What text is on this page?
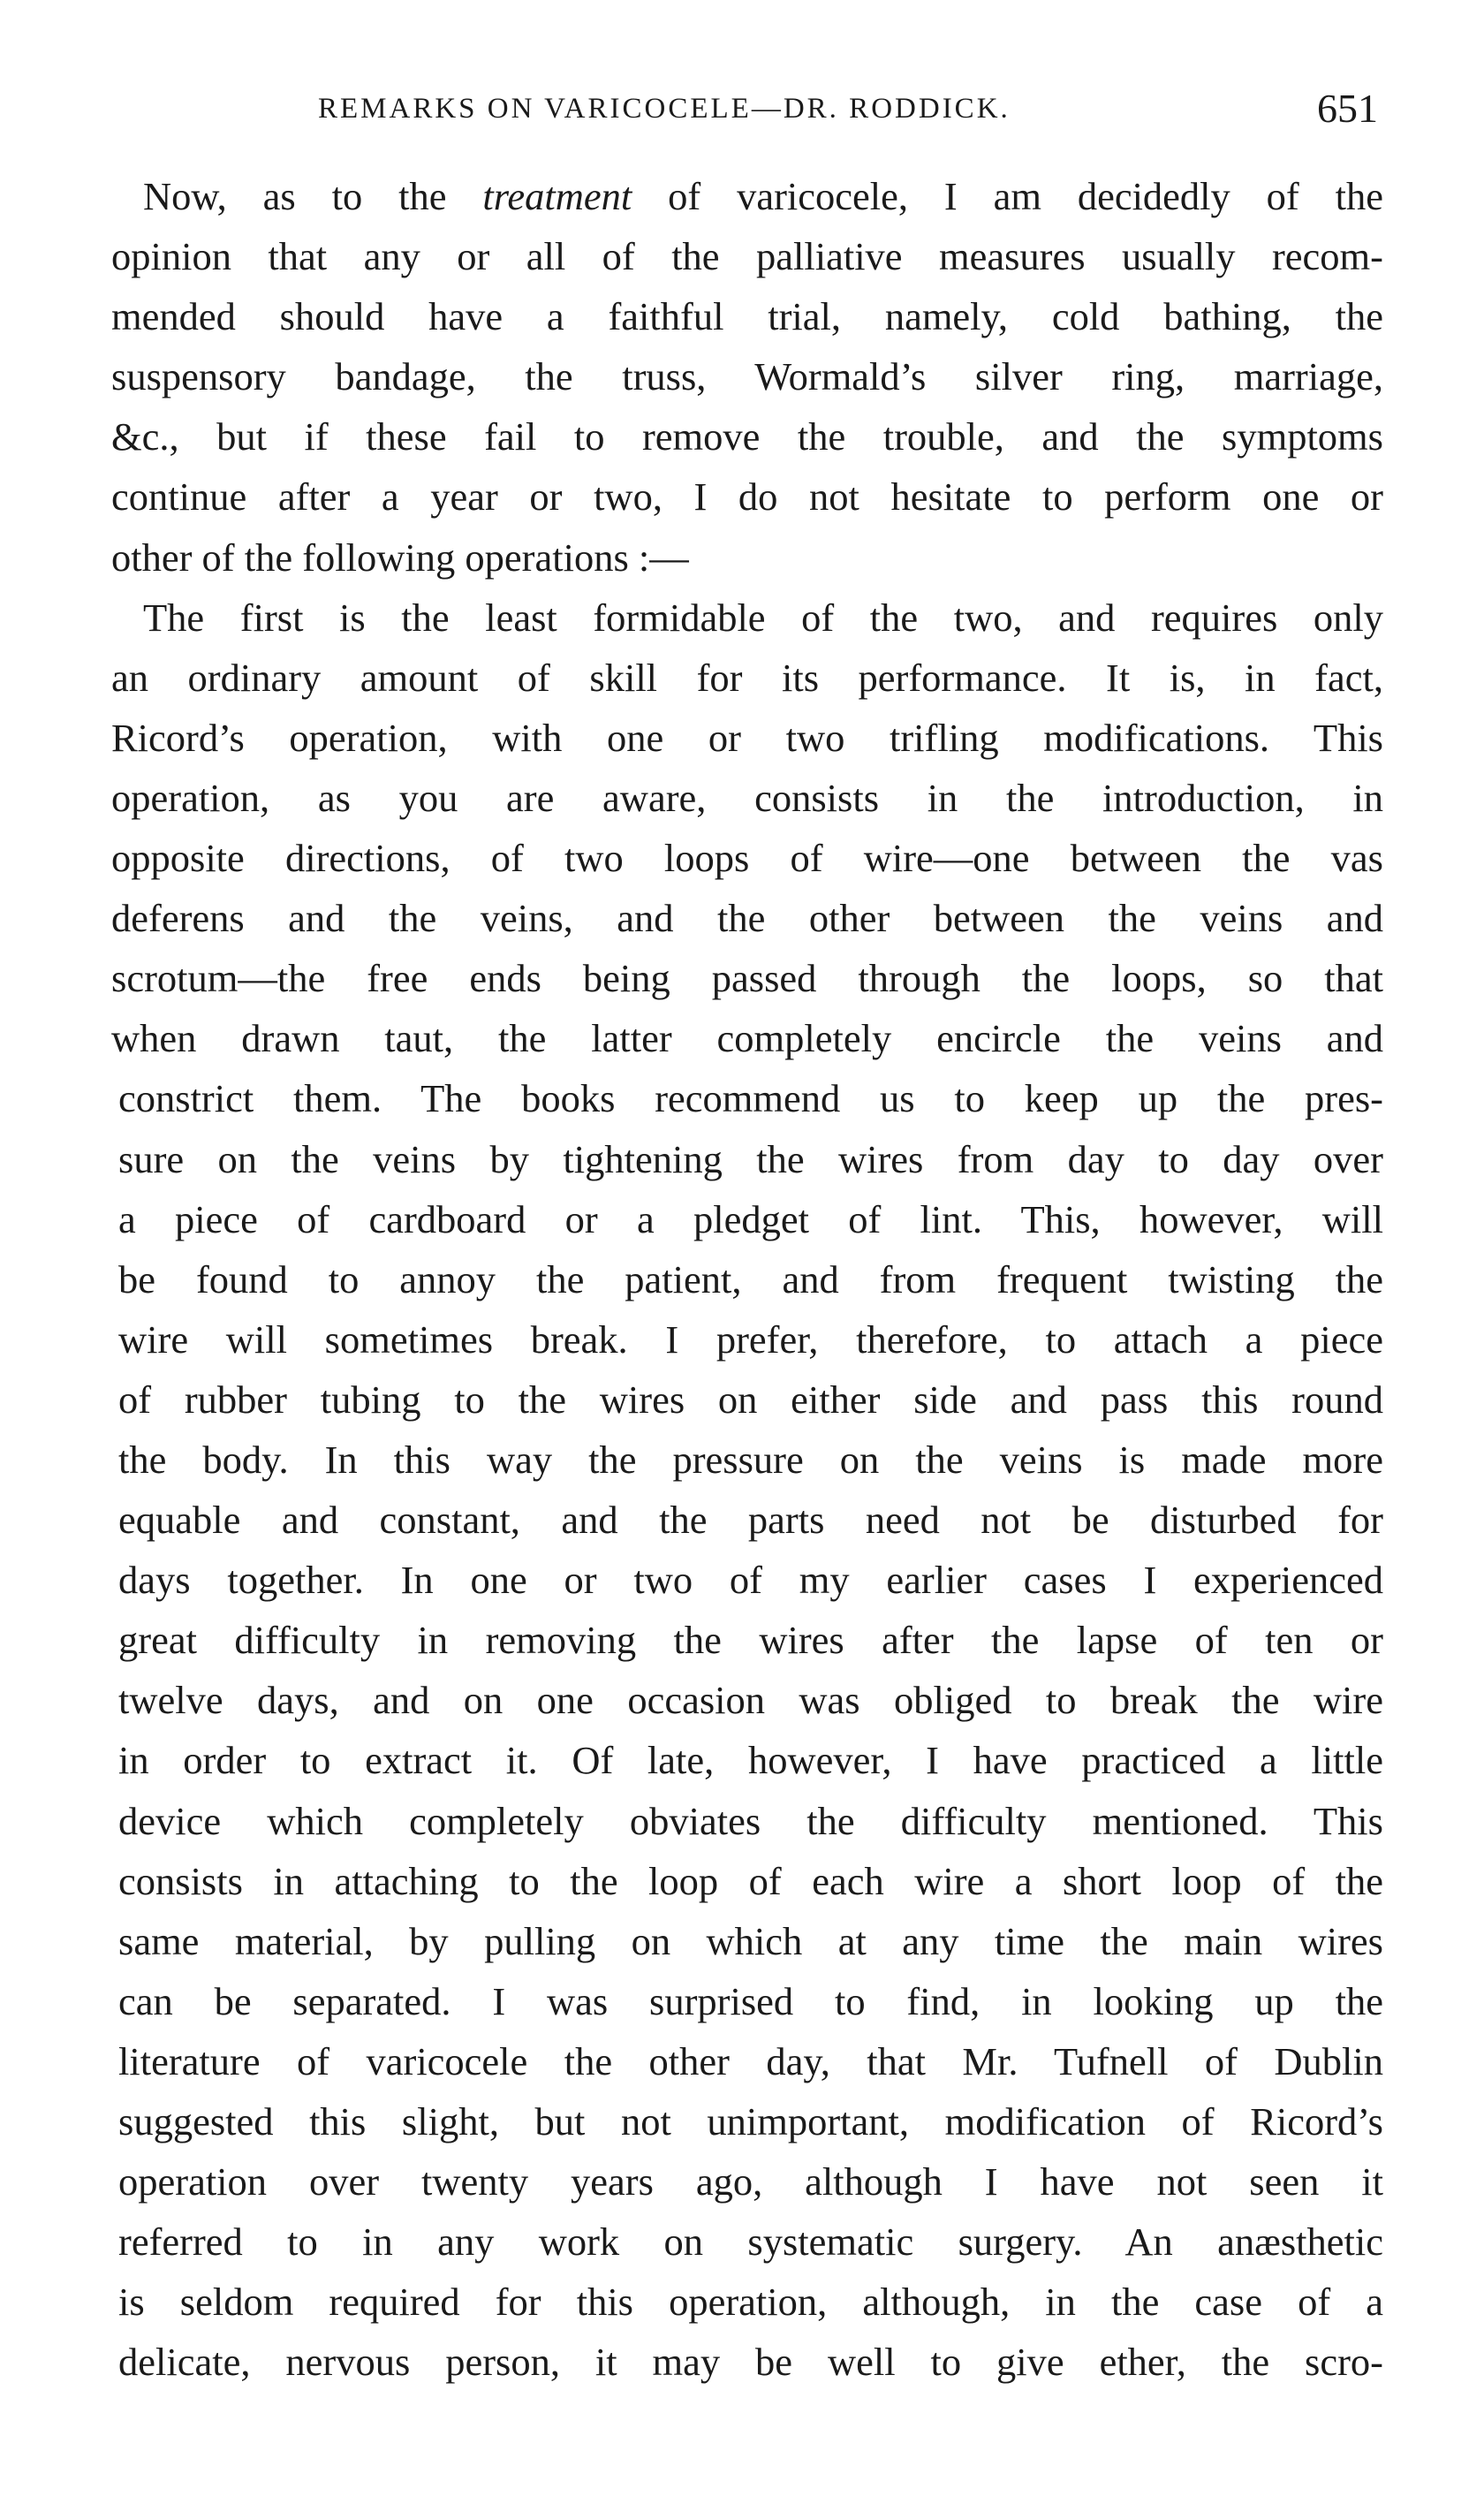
REMARKS ON VARICOCELE—DR. RODDICK.	651
Now, as to the treatment of varicocele, I am decidedly of the
opinion that any or all of the palliative measures usually recom-
mended should have a faithful trial, namely, cold bathing, the
suspensory bandage, the truss, Wormald’s silver ring, marriage,
&c., but if these fail to remove the trouble, and the symptoms
continue after a year or two, I do not hesitate to perform one or
other of the following operations :—
The first is the least formidable of the two, and requires only
an ordinary amount of skill for its performance. It is, in fact,
Ricord’s operation, with one or two trifling modifications. This
operation, as you are aware, consists in the introduction, in
opposite directions, of two loops of wire—one between the vas
deferens and the veins, and the other between the veins and
scrotum—the free ends being passed through the loops, so that
when drawn taut, the latter completely encircle the veins and
constrict them. The books recommend us to keep up the pres-
sure on the veins by tightening the wires from day to day over
a piece of cardboard or a pledget of lint. This, however, will
be found to annoy the patient, and from frequent twisting the
wire will sometimes break. I prefer, therefore, to attach a piece
of rubber tubing to the wires on either side and pass this round
the body. In this way the pressure on the veins is made more
equable and constant, and the parts need not be disturbed for
days together. In one or two of my earlier cases I experienced
great difficulty in removing the wires after the lapse of ten or
twelve days, and on one occasion was obliged to break the wire
in order to extract it. Of late, however, I have practiced a little
device which completely obviates the difficulty mentioned. This
consists in attaching to the loop of each wire a short loop of the
same material, by pulling on which at any time the main wires
can be separated. I was surprised to find, in looking up the
literature of varicocele the other day, that Mr. Tufnell of Dublin
suggested this slight, but not unimportant, modification of Ricord’s
operation over twenty years ago, although I have not seen it
referred to in any work on systematic surgery. An anæsthetic
is seldom required for this operation, although, in the case of a
delicate, nervous person, it may be well to give ether, the scro-
